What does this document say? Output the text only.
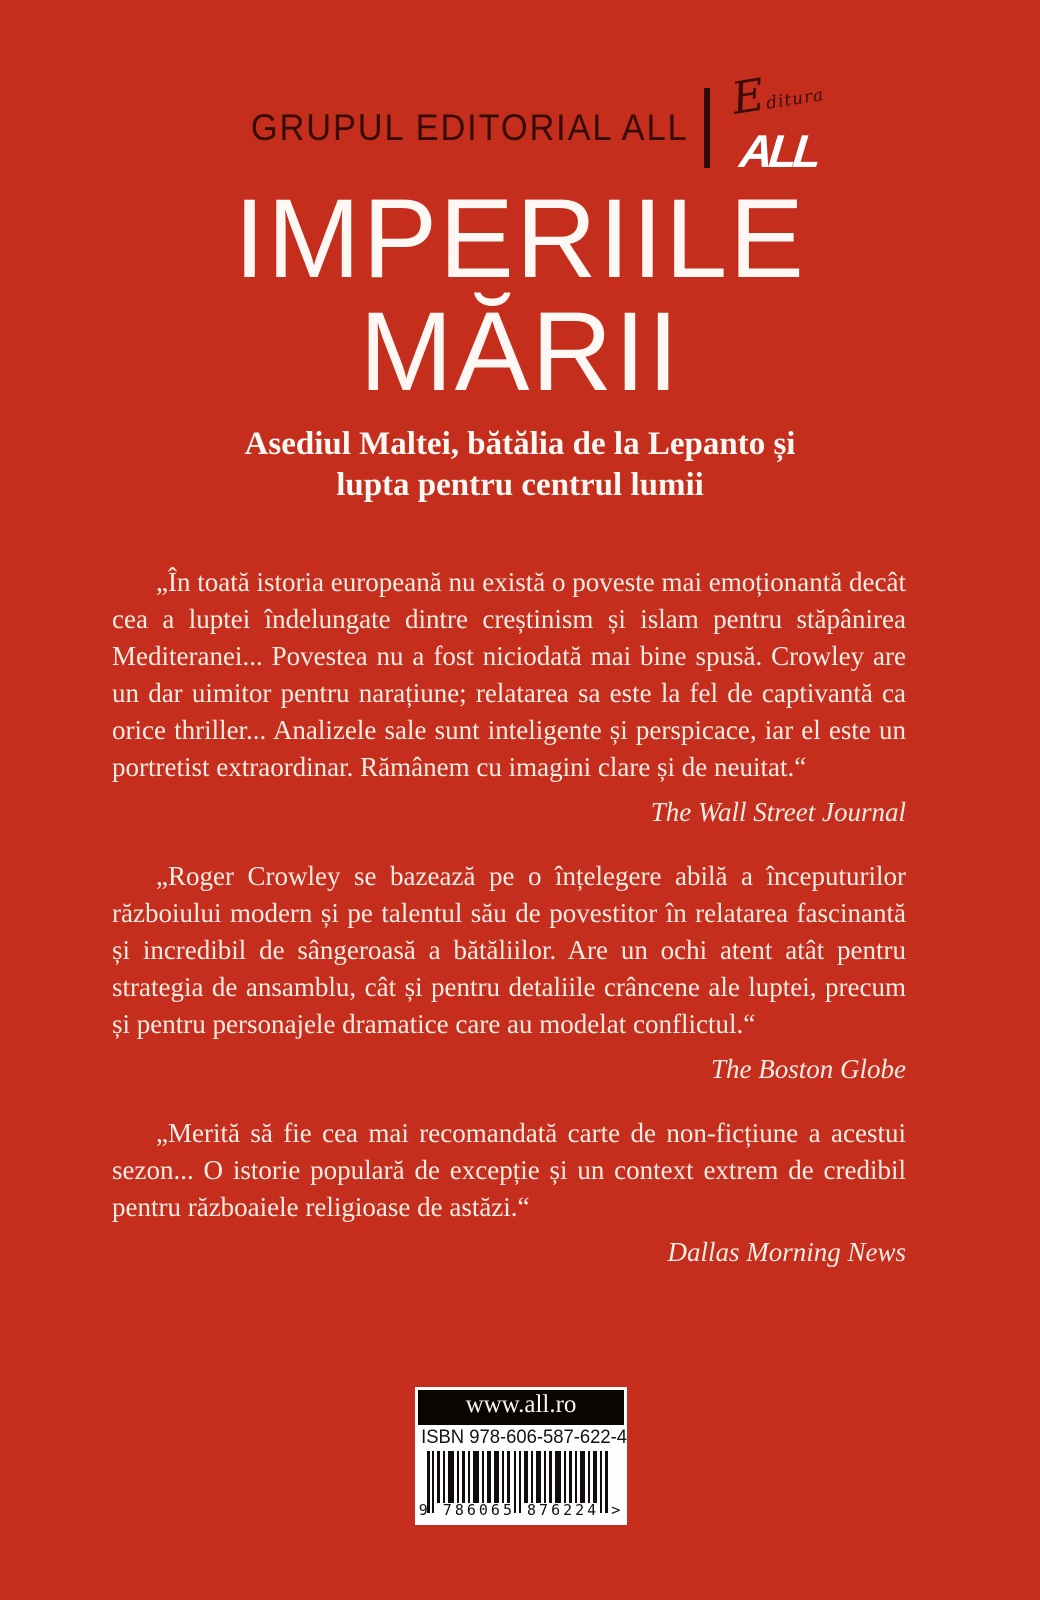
GRUPUL EDITORIAL ALL
Editura
ALL
IMPERIILE
MĂRII
Asediul Maltei, bătălia de la Lepanto și
lupta pentru centrul lumii

„În toată istoria europeană nu există o poveste mai emoționantă decât cea a luptei îndelungate dintre creștinism și islam pentru stăpânirea Mediteranei... Povestea nu a fost niciodată mai bine spusă. Crowley are un dar uimitor pentru narațiune; relatarea sa este la fel de captivantă ca orice thriller... Analizele sale sunt inteligente și perspicace, iar el este un portretist extraordinar. Rămânem cu imagini clare și de neuitat.“

The Wall Street Journal

„Roger Crowley se bazează pe o înțelegere abilă a începuturilor războiului modern și pe talentul său de povestitor în relatarea fascinantă și incredibil de sângeroasă a bătăliilor. Are un ochi atent atât pentru strategia de ansamblu, cât și pentru detaliile crâncene ale luptei, precum și pentru personajele dramatice care au modelat conflictul.“

The Boston Globe

„Merită să fie cea mai recomandată carte de non-ficțiune a acestui sezon... O istorie populară de excepție și un context extrem de credibil pentru războaiele religioase de astăzi.“

Dallas Morning News

www.all.ro
ISBN 978-606-587-622-4
9 786065 876224 >
